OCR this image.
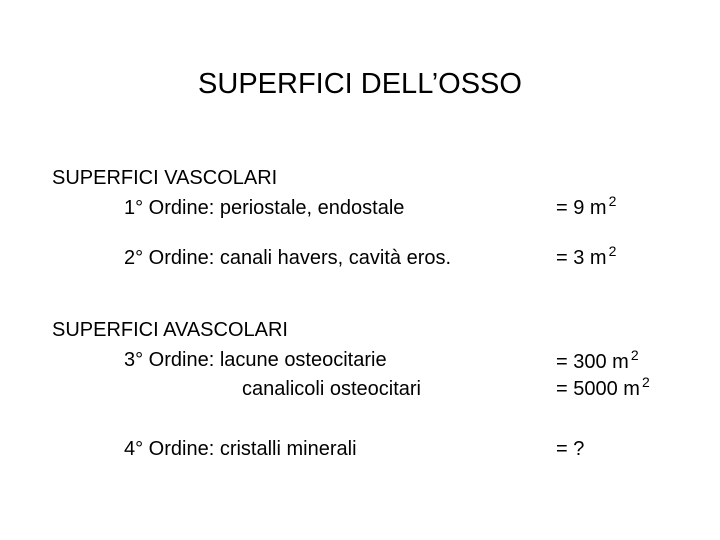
SUPERFICI DELL’OSSO
SUPERFICI VASCOLARI
1° Ordine: periostale, endostale	= 9 m $^2$
2° Ordine: canali havers, cavità eros.	= 3 m $^2$
SUPERFICI AVASCOLARI
3° Ordine: lacune osteocitarie	= 300 m $^2$
canalicoli osteocitari	= 5000 m $^2$
4° Ordine: cristalli minerali	= ?
